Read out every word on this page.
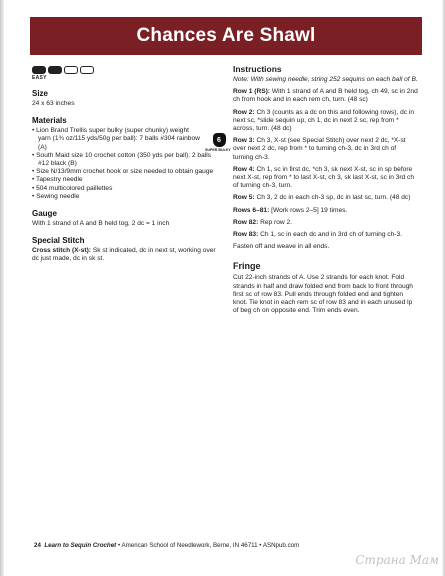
Chances Are Shawl
EASY
Size

24 x 63 inches

Materials
• Lion Brand Trellis super bulky (super chunky) weight yarn (1¾ oz/115 yds/50g per ball): 7 balls #304 rainbow (A)
• South Maid size 10 crochet cotton (350 yds per ball): 2 balls #12 black (B)
• Size N/13/9mm crochet hook or size needed to obtain gauge
• Tapestry needle
• 504 multicolored paillettes
• Sewing needle
6
SUPER BULKY
Gauge

With 1 strand of A and B held tog, 2 dc = 1 inch

Special Stitch

Cross stitch (X-st): Sk st indicated, dc in next st, working over dc just made, dc in sk st.

Instructions

Note: With sewing needle, string 252 sequins on each ball of B.

Row 1 (RS): With 1 strand of A and B held tog, ch 49, sc in 2nd ch from hook and in each rem ch, turn. (48 sc)

Row 2: Ch 3 (counts as a dc on this and following rows), dc in next sc, *slide sequin up, ch 1, dc in next 2 sc, rep from * across, turn. (48 dc)

Row 3: Ch 3, X-st (see Special Stitch) over next 2 dc, *X-st over next 2 dc, rep from * to turning ch-3, dc in 3rd ch of turning ch-3.

Row 4: Ch 1, sc in first dc, *ch 3, sk next X-st, sc in sp before next X-st, rep from * to last X-st, ch 3, sk last X-st, sc in 3rd ch of turning ch-3, turn.

Row 5: Ch 3, 2 dc in each ch-3 sp, dc in last sc, turn. (48 dc)

Rows 6–81: [Work rows 2–5] 19 times.

Row 82: Rep row 2.

Row 83: Ch 1, sc in each dc and in 3rd ch of turning ch-3.

Fasten off and weave in all ends.

Fringe

Cut 22-inch strands of A. Use 2 strands for each knot. Fold strands in half and draw folded end from back to front through first sc of row 83. Pull ends through folded end and tighten knot. Tie knot in each rem sc of row 83 and in each unused lp of beg ch on opposite end. Trim ends even.

24 Learn to Sequin Crochet • American School of Needlework, Berne, IN 46711 • ASNpub.com
Страна Мам
